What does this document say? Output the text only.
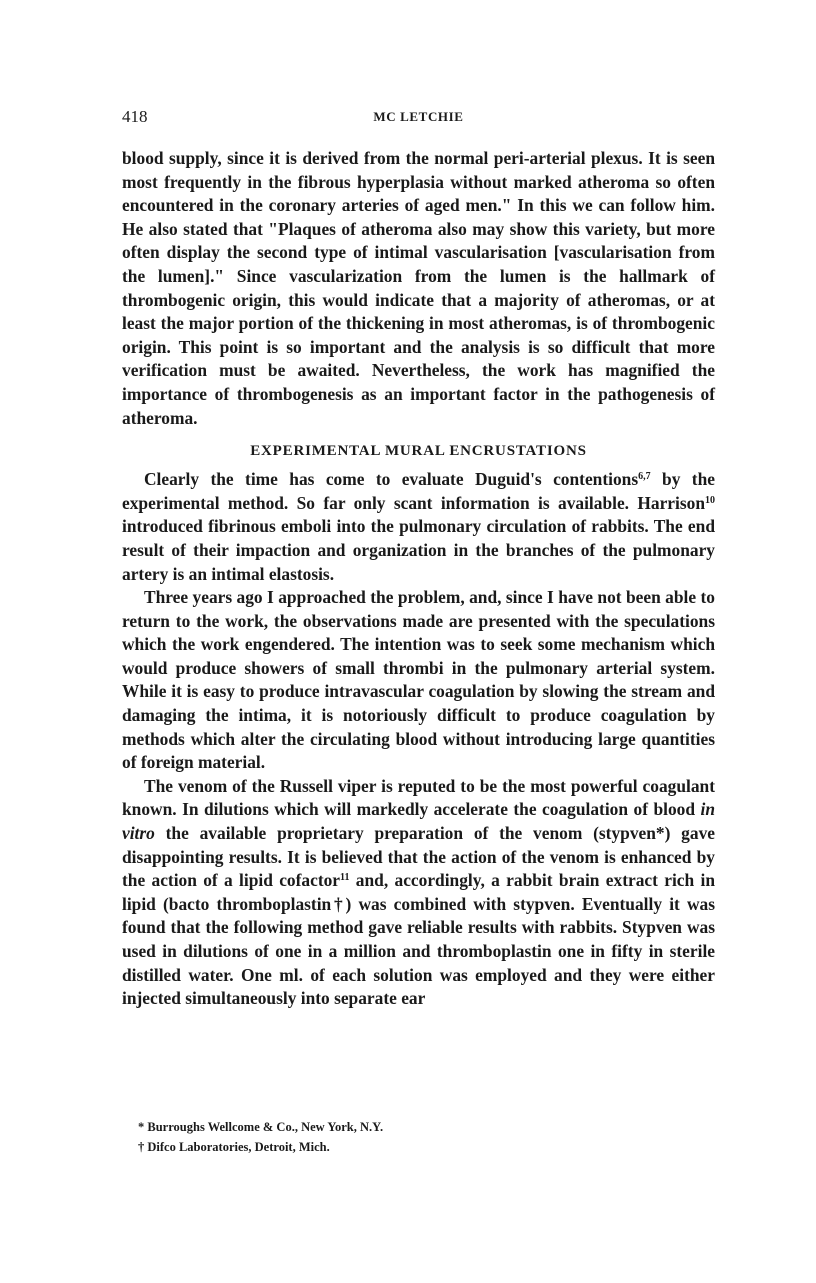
418	MC LETCHIE

blood supply, since it is derived from the normal peri-arterial plexus. It is seen most frequently in the fibrous hyperplasia without marked atheroma so often encountered in the coronary arteries of aged men." In this we can follow him. He also stated that "Plaques of atheroma also may show this variety, but more often display the second type of intimal vascularisation [vascularisation from the lumen]." Since vascularization from the lumen is the hallmark of thrombogenic origin, this would indicate that a majority of atheromas, or at least the major portion of the thickening in most atheromas, is of thrombogenic origin. This point is so important and the analysis is so difficult that more verification must be awaited. Nevertheless, the work has magnified the importance of thrombogenesis as an important factor in the pathogenesis of atheroma.

EXPERIMENTAL MURAL ENCRUSTATIONS

Clearly the time has come to evaluate Duguid's contentions$^{6,7}$ by the experimental method. So far only scant information is available. Harrison$^{10}$ introduced fibrinous emboli into the pulmonary circulation of rabbits. The end result of their impaction and organization in the branches of the pulmonary artery is an intimal elastosis.

Three years ago I approached the problem, and, since I have not been able to return to the work, the observations made are presented with the speculations which the work engendered. The intention was to seek some mechanism which would produce showers of small thrombi in the pulmonary arterial system. While it is easy to produce intravascular coagulation by slowing the stream and damaging the intima, it is notoriously difficult to produce coagulation by methods which alter the circulating blood without introducing large quantities of foreign material.

The venom of the Russell viper is reputed to be the most powerful coagulant known. In dilutions which will markedly accelerate the coagulation of blood in vitro the available proprietary preparation of the venom (stypven*) gave disappointing results. It is believed that the action of the venom is enhanced by the action of a lipid cofactor$^{11}$ and, accordingly, a rabbit brain extract rich in lipid (bacto thromboplastin†) was combined with stypven. Eventually it was found that the following method gave reliable results with rabbits. Stypven was used in dilutions of one in a million and thromboplastin one in fifty in sterile distilled water. One ml. of each solution was employed and they were either injected simultaneously into separate ear

* Burroughs Wellcome & Co., New York, N.Y.
† Difco Laboratories, Detroit, Mich.
